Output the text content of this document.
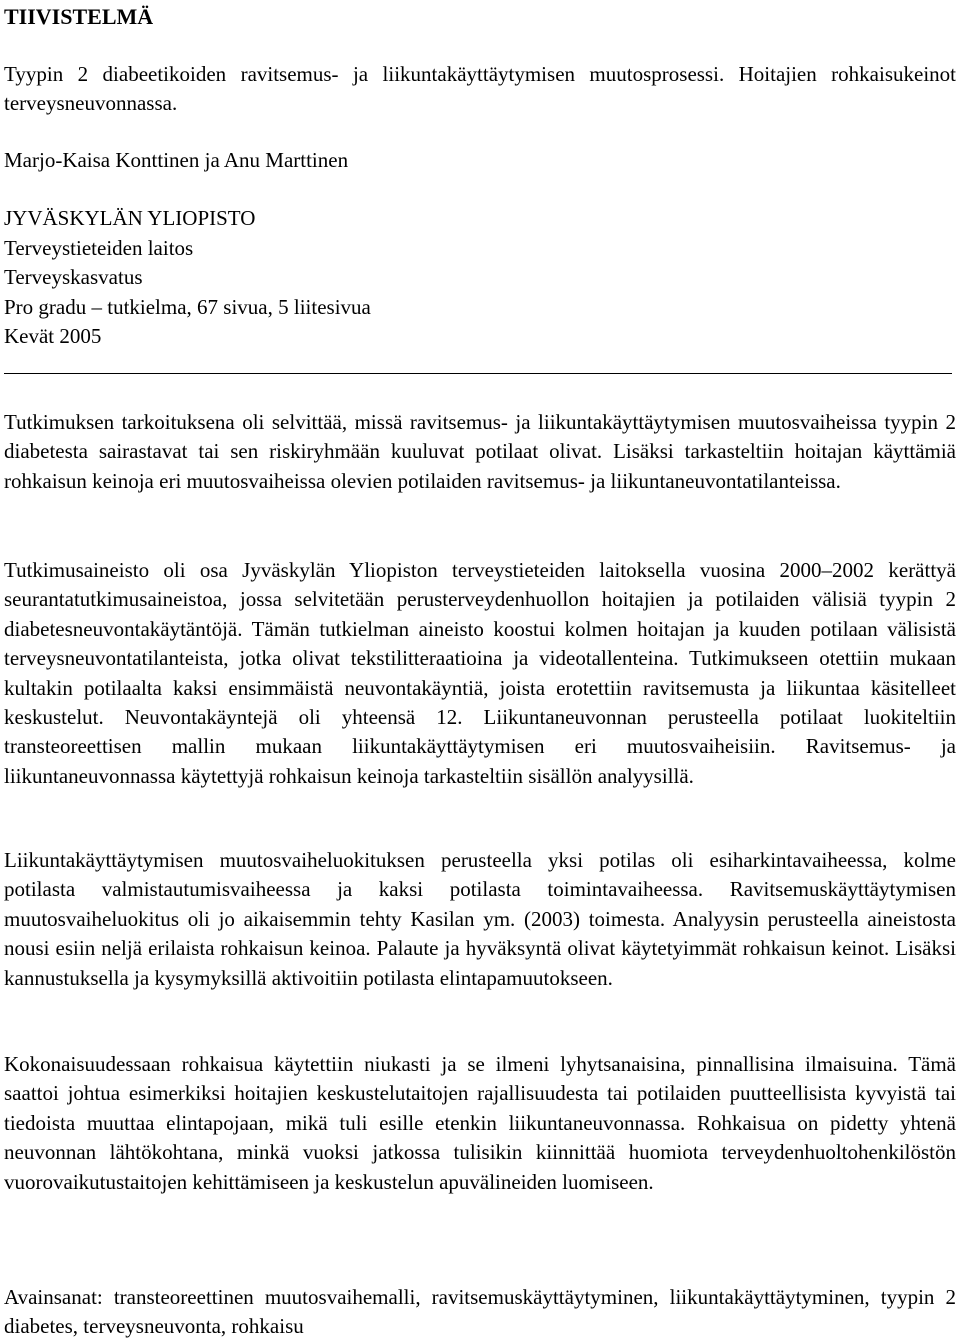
TIIVISTELMÄ

Tyypin 2 diabeetikoiden ravitsemus- ja liikuntakäyttäytymisen muutosprosessi. Hoitajien rohkaisukeinot terveysneuvonnassa.

Marjo-Kaisa Konttinen ja Anu Marttinen
JYVÄSKYLÄN YLIOPISTO
Terveystieteiden laitos
Terveyskasvatus
Pro gradu – tutkielma, 67 sivua, 5 liitesivua
Kevät 2005

Tutkimuksen tarkoituksena oli selvittää, missä ravitsemus- ja liikuntakäyttäytymisen muutosvaiheissa tyypin 2 diabetesta sairastavat tai sen riskiryhmään kuuluvat potilaat olivat. Lisäksi tarkasteltiin hoitajan käyttämiä rohkaisun keinoja eri muutosvaiheissa olevien potilaiden ravitsemus- ja liikuntaneuvontatilanteissa.

Tutkimusaineisto oli osa Jyväskylän Yliopiston terveystieteiden laitoksella vuosina 2000–2002 kerättyä seurantatutkimusaineistoa, jossa selvitetään perusterveydenhuollon hoitajien ja potilaiden välisiä tyypin 2 diabetesneuvontakäytäntöjä. Tämän tutkielman aineisto koostui kolmen hoitajan ja kuuden potilaan välisistä terveysneuvontatilanteista, jotka olivat tekstilitteraatioina ja videotallenteina. Tutkimukseen otettiin mukaan kultakin potilaalta kaksi ensimmäistä neuvontakäyntiä, joista erotettiin ravitsemusta ja liikuntaa käsitelleet keskustelut. Neuvontakäyntejä oli yhteensä 12. Liikuntaneuvonnan perusteella potilaat luokiteltiin transteoreettisen mallin mukaan liikuntakäyttäytymisen eri muutosvaiheisiin. Ravitsemus- ja liikuntaneuvonnassa käytettyjä rohkaisun keinoja tarkasteltiin sisällön analyysillä.

Liikuntakäyttäytymisen muutosvaiheluokituksen perusteella yksi potilas oli esiharkintavaiheessa, kolme potilasta valmistautumisvaiheessa ja kaksi potilasta toimintavaiheessa. Ravitsemuskäyttäytymisen muutosvaiheluokitus oli jo aikaisemmin tehty Kasilan ym. (2003) toimesta. Analyysin perusteella aineistosta nousi esiin neljä erilaista rohkaisun keinoa. Palaute ja hyväksyntä olivat käytetyimmät rohkaisun keinot. Lisäksi kannustuksella ja kysymyksillä aktivoitiin potilasta elintapamuutokseen.

Kokonaisuudessaan rohkaisua käytettiin niukasti ja se ilmeni lyhytsanaisina, pinnallisina ilmaisuina. Tämä saattoi johtua esimerkiksi hoitajien keskustelutaitojen rajallisuudesta tai potilaiden puutteellisista kyvyistä tai tiedoista muuttaa elintapojaan, mikä tuli esille etenkin liikuntaneuvonnassa. Rohkaisua on pidetty yhtenä neuvonnan lähtökohtana, minkä vuoksi jatkossa tulisikin kiinnittää huomiota terveydenhuoltohenkilöstön vuorovaikutustaitojen kehittämiseen ja keskustelun apuvälineiden luomiseen.

Avainsanat: transteoreettinen muutosvaihemalli, ravitsemuskäyttäytyminen, liikuntakäyttäytyminen, tyypin 2 diabetes, terveysneuvonta, rohkaisu
